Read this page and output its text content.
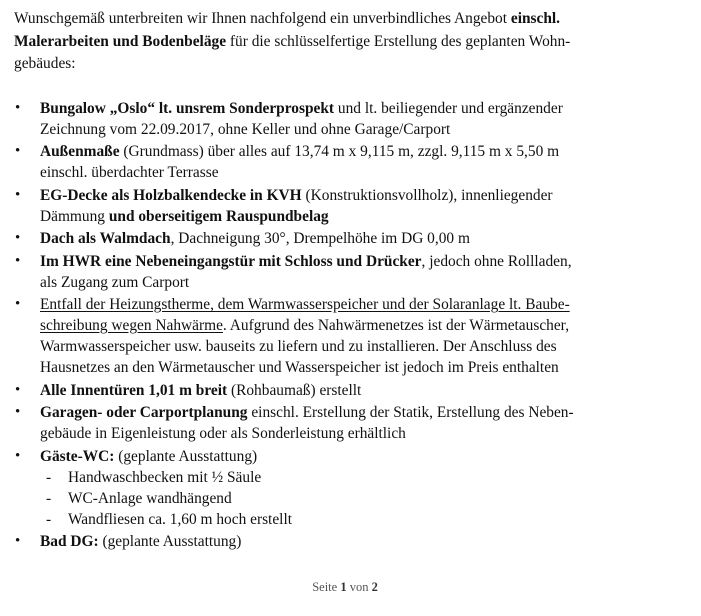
Wunschgemäß unterbreiten wir Ihnen nachfolgend ein unverbindliches Angebot einschl.
Malerarbeiten und Bodenbeläge für die schlüsselfertige Erstellung des geplanten Wohn-
gebäudes:

• Bungalow „Oslo“ lt. unsrem Sonderprospekt und lt. beiliegender und ergänzender
Zeichnung vom 22.09.2017, ohne Keller und ohne Garage/Carport
• Außenmaße (Grundmass) über alles auf 13,74 m x 9,115 m, zzgl. 9,115 m x 5,50 m
einschl. überdachter Terrasse
• EG-Decke als Holzbalkendecke in KVH (Konstruktionsvollholz), innenliegender
Dämmung und oberseitigem Rauspundbelag
• Dach als Walmdach, Dachneigung 30°, Drempelhöhe im DG 0,00 m
• Im HWR eine Nebeneingangstür mit Schloss und Drücker, jedoch ohne Rollladen,
als Zugang zum Carport
• Entfall der Heizungstherme, dem Warmwasserspeicher und der Solaranlage lt. Baube-
schreibung wegen Nahwärme. Aufgrund des Nahwärmenetzes ist der Wärmetauscher,
Warmwasserspeicher usw. bauseits zu liefern und zu installieren. Der Anschluss des
Hausnetzes an den Wärmetauscher und Wasserspeicher ist jedoch im Preis enthalten
• Alle Innentüren 1,01 m breit (Rohbaumaß) erstellt
• Garagen- oder Carportplanung einschl. Erstellung der Statik, Erstellung des Neben-
gebäude in Eigenleistung oder als Sonderleistung erhältlich
• Gäste-WC: (geplante Ausstattung)
- Handwaschbecken mit ½ Säule
- WC-Anlage wandhängend
- Wandfliesen ca. 1,60 m hoch erstellt
• Bad DG: (geplante Ausstattung)
Seite 1 von 2
